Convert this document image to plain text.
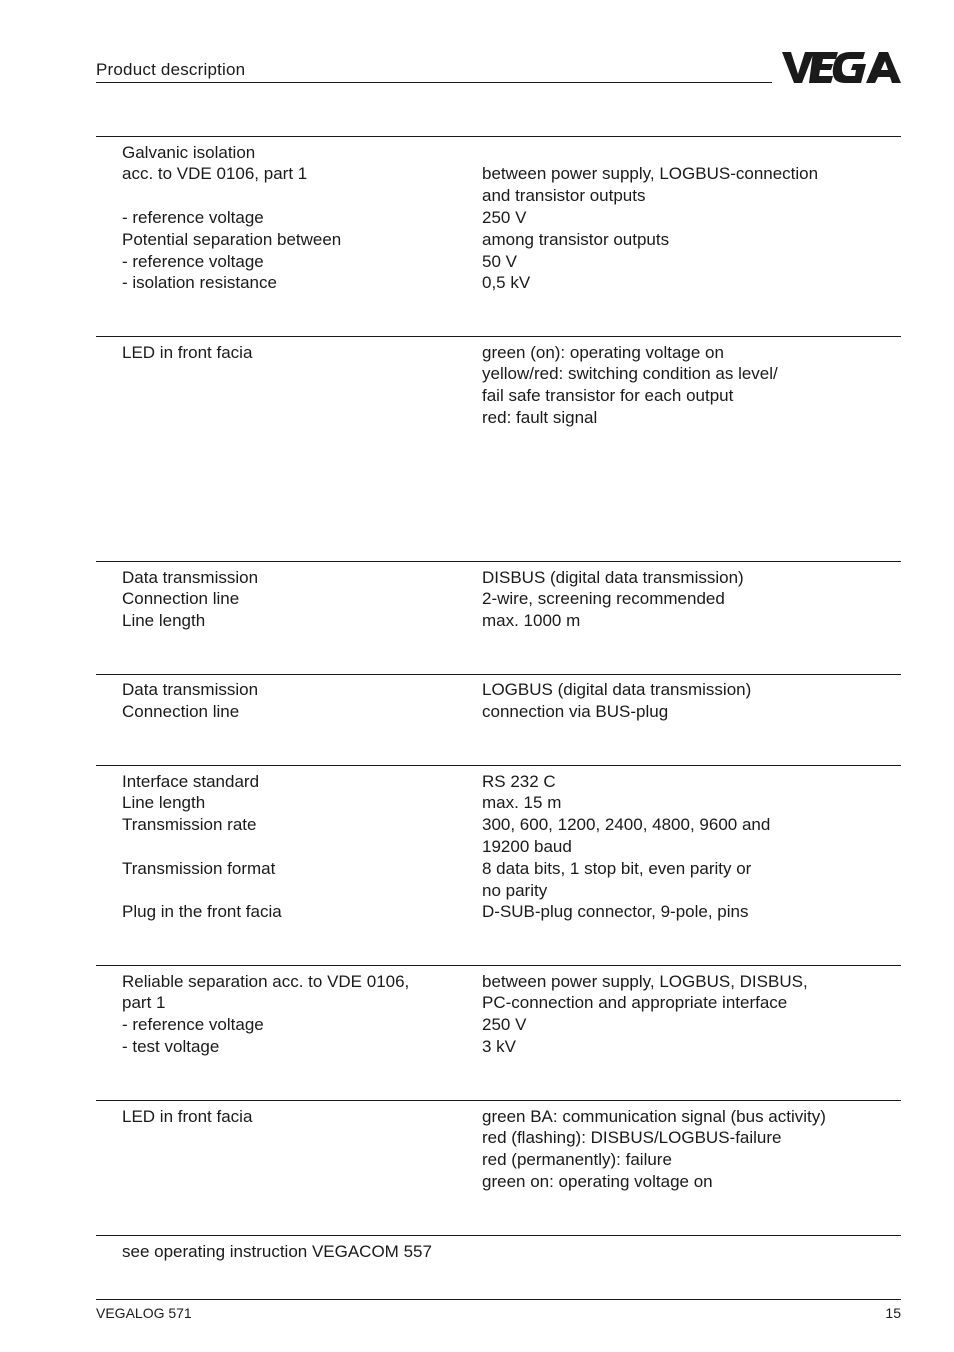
Product description
Galvanic isolation
acc. to VDE 0106, part 1	between power supply, LOGBUS-connection
and transistor outputs
- reference voltage	250 V
Potential separation between	among transistor outputs
- reference voltage	50 V
- isolation resistance	0,5 kV
LED in front facia	green (on): operating voltage on
yellow/red: switching condition as level/
fail safe transistor for each output
red: fault signal
Data transmission	DISBUS (digital data transmission)
Connection line	2-wire, screening recommended
Line length	max. 1000 m
Data transmission	LOGBUS (digital data transmission)
Connection line	connection via BUS-plug
Interface standard	RS 232 C
Line length	max. 15 m
Transmission rate	300, 600, 1200, 2400, 4800, 9600 and
19200 baud
Transmission format	8 data bits, 1 stop bit, even parity or
no parity
Plug in the front facia	D-SUB-plug connector, 9-pole, pins
Reliable separation acc. to VDE 0106,	between power supply, LOGBUS, DISBUS,
part 1	PC-connection and appropriate interface
- reference voltage	250 V
- test voltage	3 kV
LED in front facia	green BA: communication signal (bus activity)
red (flashing): DISBUS/LOGBUS-failure
red (permanently): failure
green on: operating voltage on
see operating instruction VEGACOM 557
VEGALOG 571	15
